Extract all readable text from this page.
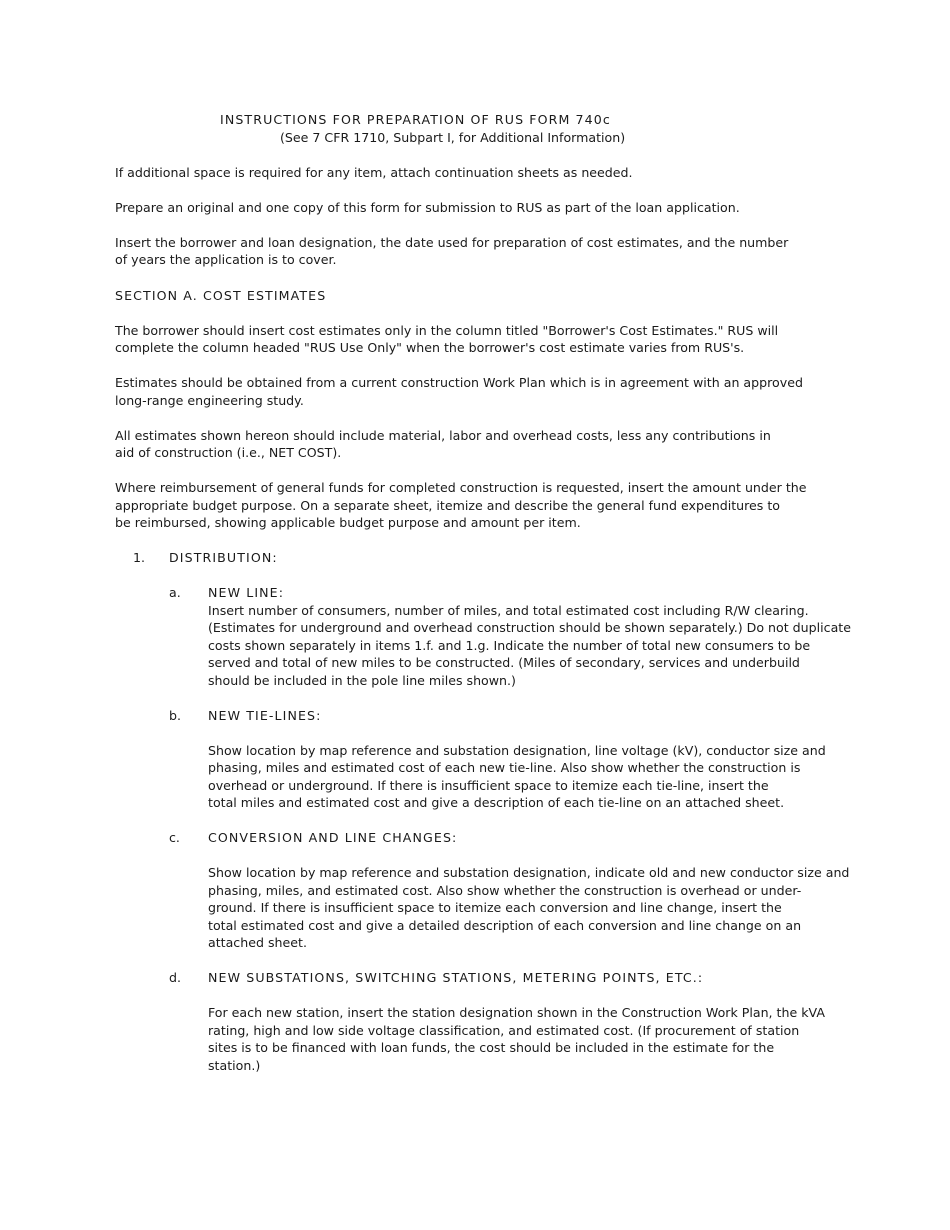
INSTRUCTIONS FOR PREPARATION OF RUS FORM 740c
(See 7 CFR 1710, Subpart I, for Additional Information)
If additional space is required for any item, attach continuation sheets as needed.
Prepare an original and one copy of this form for submission to RUS as part of the loan application.
Insert the borrower and loan designation, the date used for preparation of cost estimates, and the number
of years the application is to cover.
SECTION A. COST ESTIMATES
The borrower should insert cost estimates only in the column titled "Borrower's Cost Estimates." RUS will
complete the column headed "RUS Use Only" when the borrower's cost estimate varies from RUS's.
Estimates should be obtained from a current construction Work Plan which is in agreement with an approved
long-range engineering study.
All estimates shown hereon should include material, labor and overhead costs, less any contributions in
aid of construction (i.e., NET COST).
Where reimbursement of general funds for completed construction is requested, insert the amount under the
appropriate budget purpose. On a separate sheet, itemize and describe the general fund expenditures to
be reimbursed, showing applicable budget purpose and amount per item.
1. DISTRIBUTION:
a. NEW LINE:
Insert number of consumers, number of miles, and total estimated cost including R/W clearing.
(Estimates for underground and overhead construction should be shown separately.) Do not duplicate
costs shown separately in items 1.f. and 1.g. Indicate the number of total new consumers to be
served and total of new miles to be constructed. (Miles of secondary, services and underbuild
should be included in the pole line miles shown.)
b. NEW TIE-LINES:
Show location by map reference and substation designation, line voltage (kV), conductor size and
phasing, miles and estimated cost of each new tie-line. Also show whether the construction is
overhead or underground. If there is insufficient space to itemize each tie-line, insert the
total miles and estimated cost and give a description of each tie-line on an attached sheet.
c. CONVERSION AND LINE CHANGES:
Show location by map reference and substation designation, indicate old and new conductor size and
phasing, miles, and estimated cost. Also show whether the construction is overhead or under-
ground. If there is insufficient space to itemize each conversion and line change, insert the
total estimated cost and give a detailed description of each conversion and line change on an
attached sheet.
d. NEW SUBSTATIONS, SWITCHING STATIONS, METERING POINTS, ETC.:
For each new station, insert the station designation shown in the Construction Work Plan, the kVA
rating, high and low side voltage classification, and estimated cost. (If procurement of station
sites is to be financed with loan funds, the cost should be included in the estimate for the
station.)
